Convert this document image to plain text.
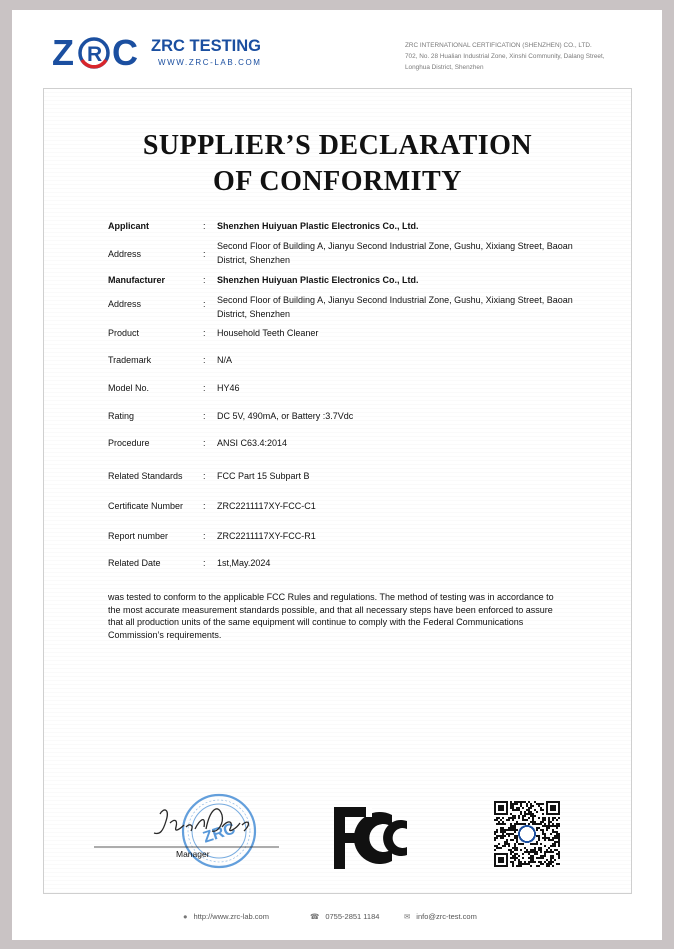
Z R C ZRC TESTING
WWW.ZRC-LAB.COM
ZRC INTERNATIONAL CERTIFICATION (SHENZHEN) CO., LTD.
702, No. 28 Hualian Industrial Zone, Xinshi Community, Dalang Street, Longhua District, Shenzhen
SUPPLIER’S DECLARATION
OF CONFORMITY
Applicant	: Shenzhen Huiyuan Plastic Electronics Co., Ltd.
Address	:
Second Floor of Building A, Jianyu Second Industrial Zone, Gushu, Xixiang Street, Baoan District, Shenzhen
Manufacturer	: Shenzhen Huiyuan Plastic Electronics Co., Ltd.
Address	: Second Floor of Building A, Jianyu Second Industrial Zone, Gushu, Xixiang Street, Baoan District, Shenzhen
Product	: Household Teeth Cleaner
Trademark	: N/A
Model No.	: HY46
Rating	: DC 5V, 490mA, or Battery :3.7Vdc
Procedure	: ANSI C63.4:2014
Related Standards : FCC Part 15 Subpart B
Certificate Number : ZRC2211117XY-FCC-C1
Report number	: ZRC2211117XY-FCC-R1
Related Date	: 1st,May.2024
was tested to conform to the applicable FCC Rules and regulations. The method of testing was in accordance to the most accurate measurement standards possible, and that all necessary steps have been enforced to assure that all production units of the same equipment will continue to comply with the Federal Communications Commission’s requirements.
ZRC
Manager
● http://www.zrc-lab.com	☎ 0755-2851 1184	✉ info@zrc-test.com
